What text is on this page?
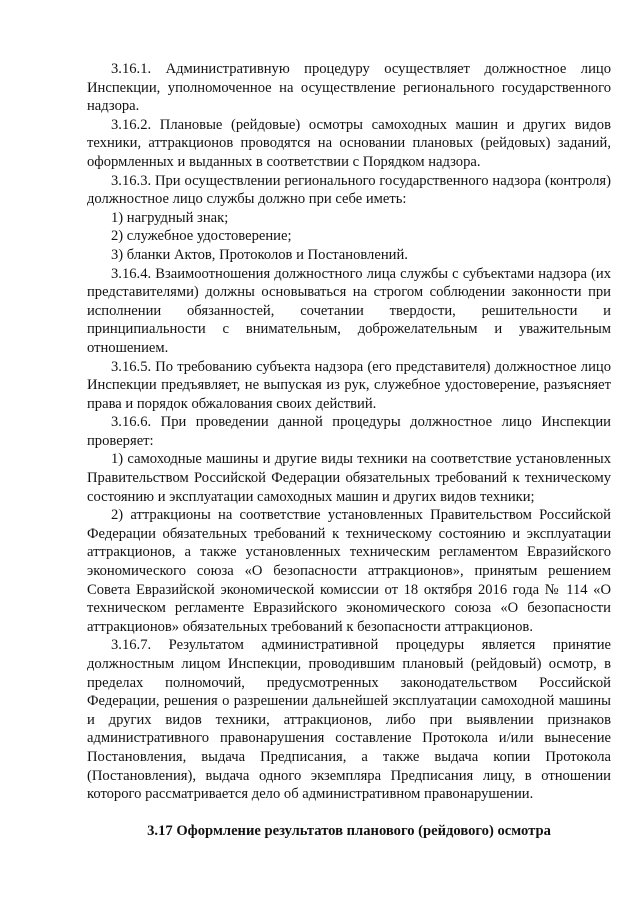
3.16.1. Административную процедуру осуществляет должностное лицо Инспекции, уполномоченное на осуществление регионального государственного надзора.

3.16.2. Плановые (рейдовые) осмотры самоходных машин и других видов техники, аттракционов проводятся на основании плановых (рейдовых) заданий, оформленных и выданных в соответствии с Порядком надзора.

3.16.3. При осуществлении регионального государственного надзора (контроля) должностное лицо службы должно при себе иметь:

1) нагрудный знак;

2) служебное удостоверение;

3) бланки Актов, Протоколов и Постановлений.

3.16.4. Взаимоотношения должностного лица службы с субъектами надзора (их представителями) должны основываться на строгом соблюдении законности при исполнении обязанностей, сочетании твердости, решительности и принципиальности с внимательным, доброжелательным и уважительным отношением.

3.16.5. По требованию субъекта надзора (его представителя) должностное лицо Инспекции предъявляет, не выпуская из рук, служебное удостоверение, разъясняет права и порядок обжалования своих действий.

3.16.6. При проведении данной процедуры должностное лицо Инспекции проверяет:

1) самоходные машины и другие виды техники на соответствие установленных Правительством Российской Федерации обязательных требований к техническому состоянию и эксплуатации самоходных машин и других видов техники;

2) аттракционы на соответствие установленных Правительством Российской Федерации обязательных требований к техническому состоянию и эксплуатации аттракционов, а также установленных техническим регламентом Евразийского экономического союза «О безопасности аттракционов», принятым решением Совета Евразийской экономической комиссии от 18 октября 2016 года № 114 «О техническом регламенте Евразийского экономического союза «О безопасности аттракционов» обязательных требований к безопасности аттракционов.

3.16.7. Результатом административной процедуры является принятие должностным лицом Инспекции, проводившим плановый (рейдовый) осмотр, в пределах полномочий, предусмотренных законодательством Российской Федерации, решения о разрешении дальнейшей эксплуатации самоходной машины и других видов техники, аттракционов, либо при выявлении признаков административного правонарушения составление Протокола и/или вынесение Постановления, выдача Предписания, а также выдача копии Протокола (Постановления), выдача одного экземпляра Предписания лицу, в отношении которого рассматривается дело об административном правонарушении.

3.17 Оформление результатов планового (рейдового) осмотра
